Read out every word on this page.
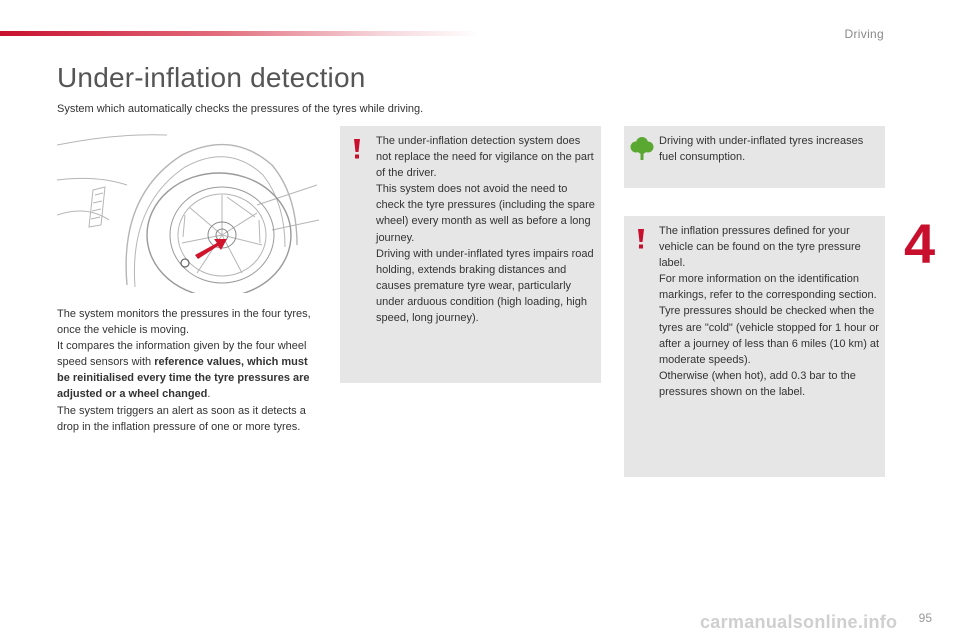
Driving
4
Under-inflation detection

System which automatically checks the pressures of the tyres while driving.

The system monitors the pressures in the four tyres, once the vehicle is moving.

It compares the information given by the four wheel speed sensors with reference values, which must be reinitialised every time the tyre pressures are adjusted or a wheel changed.

The system triggers an alert as soon as it detects a drop in the inflation pressure of one or more tyres.

The under-inflation detection system does not replace the need for vigilance on the part of the driver.

This system does not avoid the need to check the tyre pressures (including the spare wheel) every month as well as before a long journey.

Driving with under-inflated tyres impairs road holding, extends braking distances and causes premature tyre wear, particularly under arduous condition (high loading, high speed, long journey).

Driving with under-inflated tyres increases fuel consumption.

The inflation pressures defined for your vehicle can be found on the tyre pressure label.

For more information on the identification markings, refer to the corresponding section.

Tyre pressures should be checked when the tyres are "cold" (vehicle stopped for 1 hour or after a journey of less than 6 miles (10 km) at moderate speeds).

Otherwise (when hot), add 0.3 bar to the pressures shown on the label.

carmanualsonline.info 95
